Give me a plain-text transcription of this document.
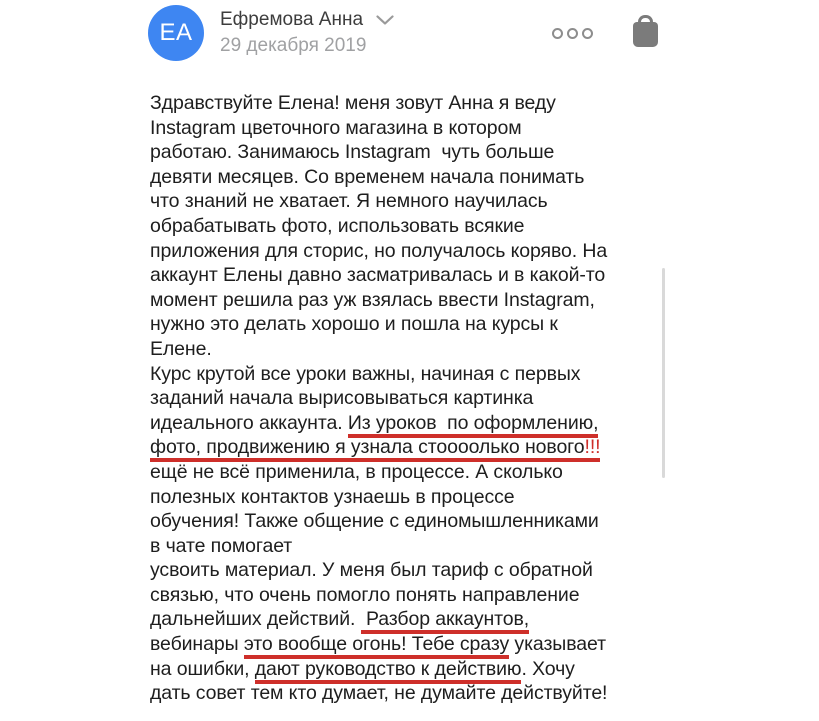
EA Ефремова Анна
29 декабря 2019
Здравствуйте Елена! меня зовут Анна я веду
Instagram цветочного магазина в котором
работаю. Занимаюсь Instagram  чуть больше
девяти месяцев. Со временем начала понимать
что знаний не хватает. Я немного научилась
обрабатывать фото, использовать всякие
приложения для сторис, но получалось коряво. На
аккаунт Елены давно засматривалась и в какой-то
момент решила раз уж взялась ввести Instagram,
нужно это делать хорошо и пошла на курсы к
Елене.
Курс крутой все уроки важны, начиная с первых
заданий начала вырисовываться картинка
идеального аккаунта. Из уроков  по оформлению,
фото, продвижению я узнала стоооолько нового!!!
ещё не всё применила, в процессе. А сколько
полезных контактов узнаешь в процессе
обучения! Также общение с единомышленниками
в чате помогает
усвоить материал. У меня был тариф с обратной
связью, что очень помогло понять направление
дальнейших действий.  Разбор аккаунтов,
вебинары это вообще огонь! Тебе сразу указывает
на ошибки, дают руководство к действию. Хочу
дать совет тем кто думает, не думайте действуйте!
